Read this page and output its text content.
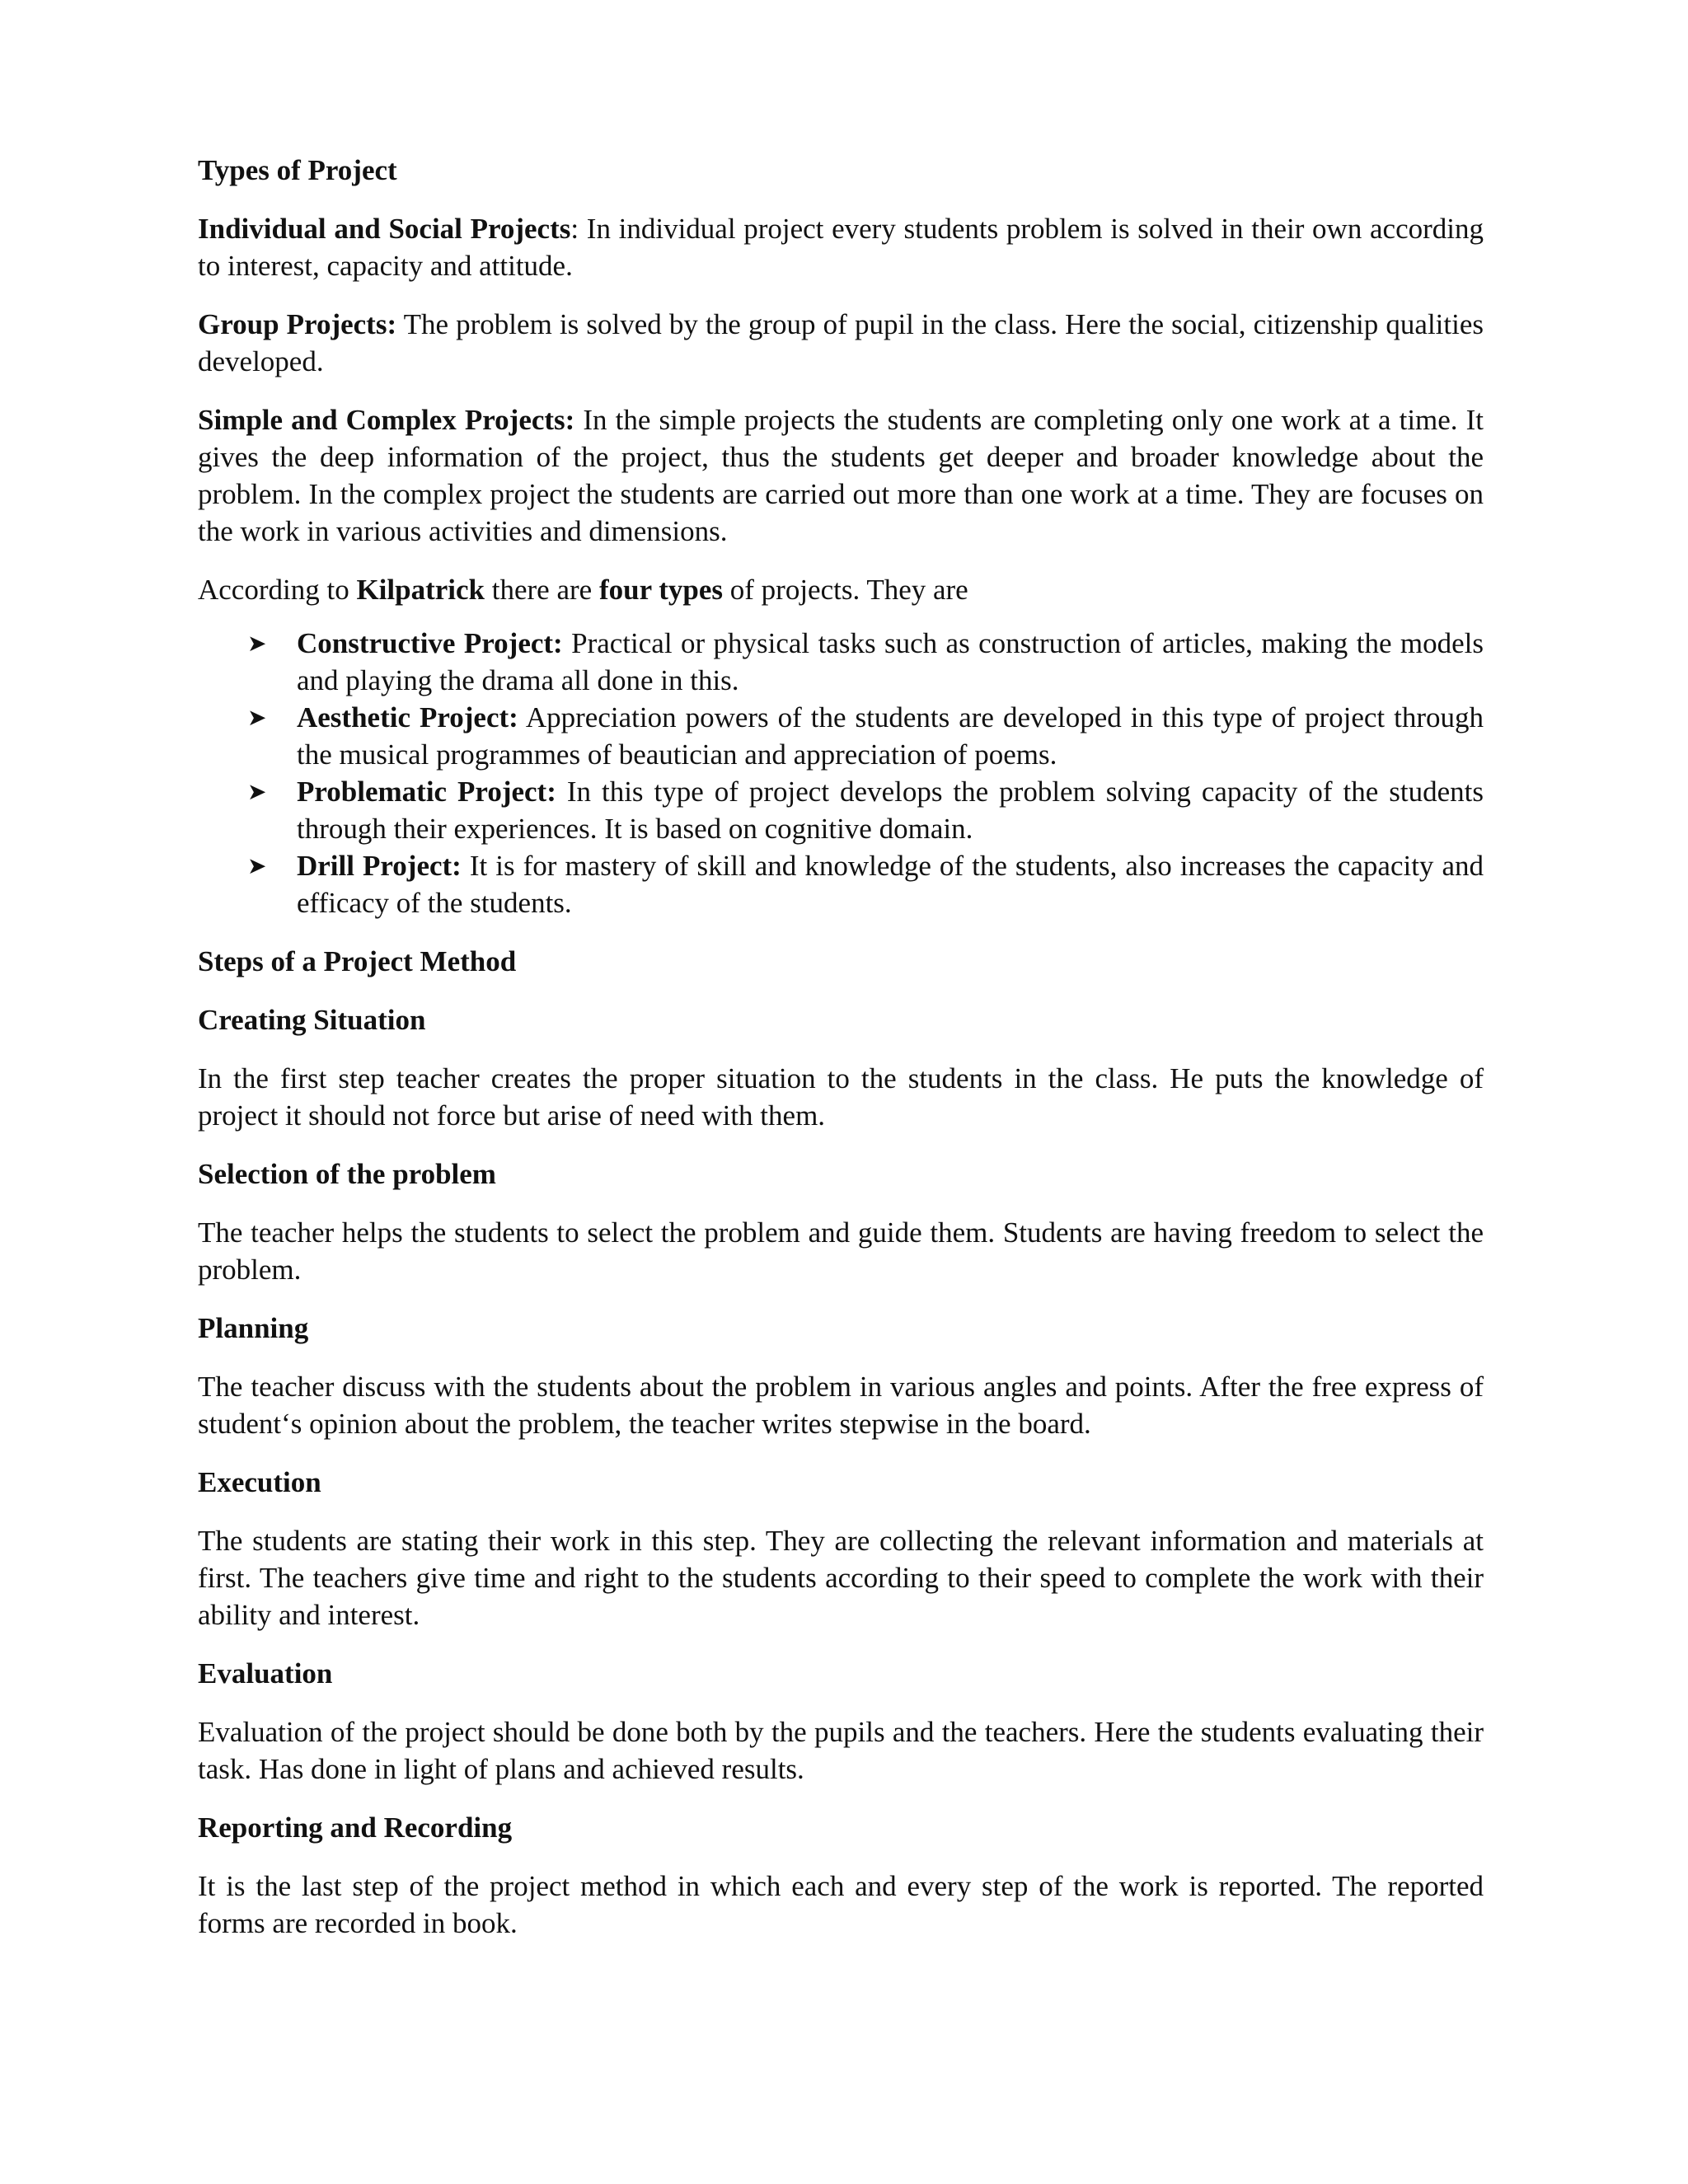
Types of Project

Individual and Social Projects: In individual project every students problem is solved in their own according to interest, capacity and attitude.

Group Projects: The problem is solved by the group of pupil in the class. Here the social, citizenship qualities developed.

Simple and Complex Projects: In the simple projects the students are completing only one work at a time. It gives the deep information of the project, thus the students get deeper and broader knowledge about the problem. In the complex project the students are carried out more than one work at a time. They are focuses on the work in various activities and dimensions.

According to Kilpatrick there are four types of projects. They are

➤ Constructive Project: Practical or physical tasks such as construction of articles, making the models and playing the drama all done in this.
➤ Aesthetic Project: Appreciation powers of the students are developed in this type of project through the musical programmes of beautician and appreciation of poems.
➤ Problematic Project: In this type of project develops the problem solving capacity of the students through their experiences. It is based on cognitive domain.
➤ Drill Project: It is for mastery of skill and knowledge of the students, also increases the capacity and efficacy of the students.

Steps of a Project Method

Creating Situation

In the first step teacher creates the proper situation to the students in the class. He puts the knowledge of project it should not force but arise of need with them.

Selection of the problem

The teacher helps the students to select the problem and guide them. Students are having freedom to select the problem.

Planning

The teacher discuss with the students about the problem in various angles and points. After the free express of student‘s opinion about the problem, the teacher writes stepwise in the board.

Execution

The students are stating their work in this step. They are collecting the relevant information and materials at first. The teachers give time and right to the students according to their speed to complete the work with their ability and interest.

Evaluation

Evaluation of the project should be done both by the pupils and the teachers. Here the students evaluating their task. Has done in light of plans and achieved results.

Reporting and Recording

It is the last step of the project method in which each and every step of the work is reported. The reported forms are recorded in book.
